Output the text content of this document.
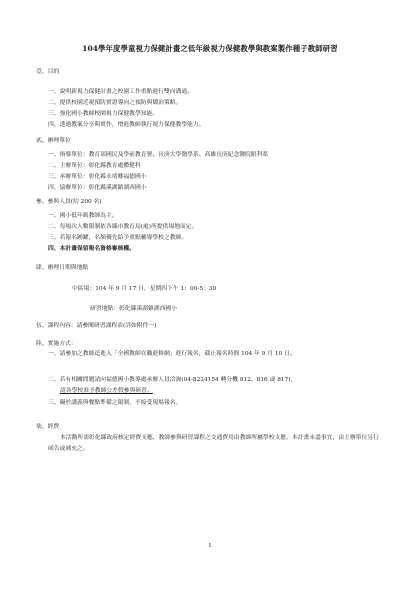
104學年度學童視力保健計畫之低年級視力保健教學與教案製作種子教師研習
壹、目的
一、說明新視力保健計畫之校園工作重點進行雙向溝通。
二、提供校園近視預防實證導向之預防與矯治策略。
三、強化國小教師校園視力保健教學知能。
四、透過教案分享與實作，增進教師執行視力保健教學能力。
貳、辦理單位
一、指導單位：教育部國民及學前教育署、長庚大學醫學系、高雄長庚紀念醫院眼科系
二、主辦單位：彰化縣教育處體健科
三、承辦單位：彰化縣永靖鄉福德國小
四、協辦單位：彰化縣溪湖鎮湖西國小
參、參與人員(約 200 名)
一、國小低年級教師為主。
二、每場次人數限制依各縣市教育局(處)所提供場地而定。
三、若報名踴躍，名額優先給予重點輔導學校之教師。
四、本計畫保留報名資格審核權。
肆、辦理日期與地點
中區場：104 年 9 月 17 日，星期四下午 1：00-5：30
研習地點：彰化縣溪湖鎮湖西國小
伍、課程內容：請參閱研習課程表(詳如附件一)
陸、實施方式：
一、請參加之教師逕進入「全國教師在職進修網」進行報名，截止報名時間 104 年 9 月 10 日。
二、若有相關問題請向福德國小教導處承辦人員洽詢(04-8224154 轉分機 812、816 或 817)，
請各學校准予教師公差假參與研習。
三、礙於講義與餐點準備之限制，不接受現場報名。
柒、經費
本活動所需彰化縣政府核定經費支應，教師參與研習課程之交通費用由教師所屬學校支應。本計畫未盡事宜，由主辦單位另行函告或補充之。
1
